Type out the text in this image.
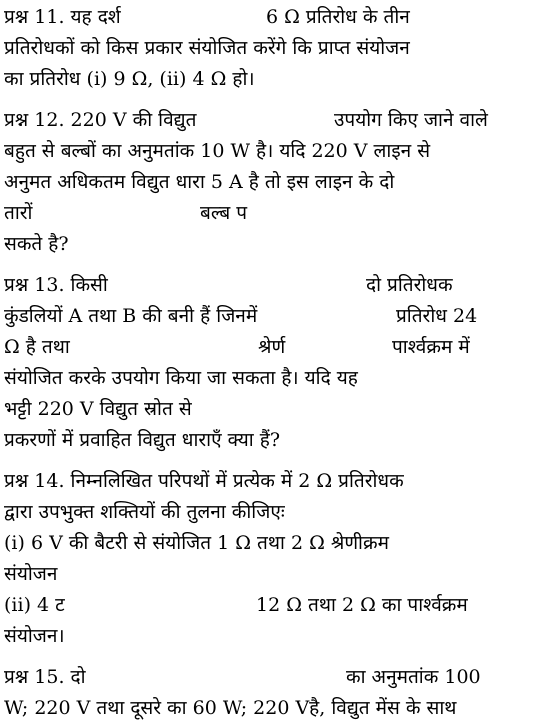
प्रश्न 11. यह दर्श	6 Ω प्रतिरोध के तीन
प्रतिरोधकों को किस प्रकार संयोजित करेंगे कि प्राप्त संयोजन
का प्रतिरोध (i) 9 Ω, (ii) 4 Ω हो।
प्रश्न 12. 220 V की विद्युत	उपयोग किए जाने वाले
बहुत से बल्बों का अनुमतांक 10 W है। यदि 220 V लाइन से
अनुमत अधिकतम विद्युत धारा 5 A है तो इस लाइन के दो
तारों	बल्ब प
सकते है?
प्रश्न 13. किसी	दो प्रतिरोधक
कुंडलियों A तथा B की बनी हैं जिनमें	प्रतिरोध 24
Ω है तथा	श्रेर्ण	पार्श्वक्रम में
संयोजित करके उपयोग किया जा सकता है। यदि यह
भट्टी 220 V विद्युत स्रोत से
प्रकरणों में प्रवाहित विद्युत धाराएँ क्या हैं?
प्रश्न 14. निम्नलिखित परिपथों में प्रत्येक में 2 Ω प्रतिरोधक
द्वारा उपभुक्त शक्तियों की तुलना कीजिएः
(i) 6 V की बैटरी से संयोजित 1 Ω तथा 2 Ω श्रेणीक्रम
संयोजन
(ii) 4 ट	12 Ω तथा 2 Ω का पार्श्वक्रम
संयोजन।
प्रश्न 15. दो	का अनुमतांक 100
W; 220 V तथा दूसरे का 60 W; 220 Vहै, विद्युत मेंस के साथ
